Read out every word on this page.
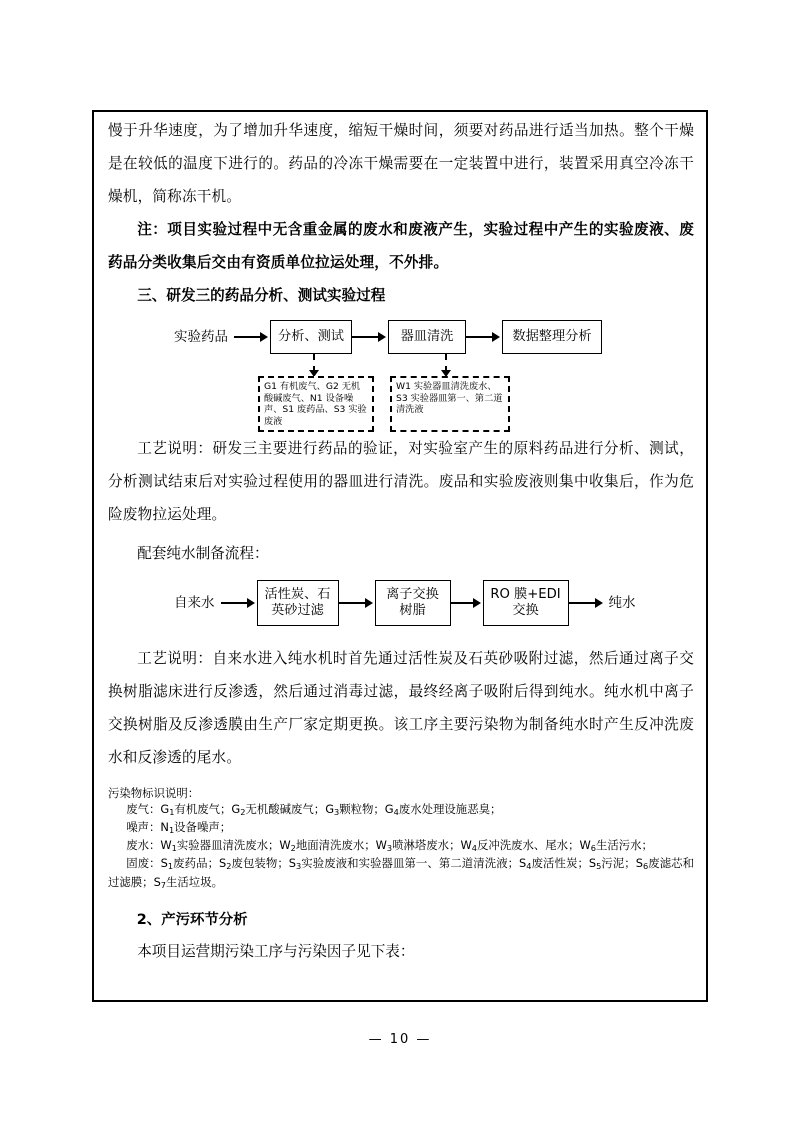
慢于升华速度，为了增加升华速度，缩短干燥时间，须要对药品进行适当加热。整个干燥是在较低的温度下进行的。药品的冷冻干燥需要在一定装置中进行，装置采用真空冷冻干燥机，简称冻干机。

注：项目实验过程中无含重金属的废水和废液产生，实验过程中产生的实验废液、废药品分类收集后交由有资质单位拉运处理，不外排。

三、研发三的药品分析、测试实验过程

实验药品	分析、测试	器皿清洗	数据整理分析
G1 有机废气、G2 无机酸碱废气、N1 设备噪声、S1 废药品、S3 实验废液
W1 实验器皿清洗废水、S3 实验器皿第一、第二道清洗液

工艺说明：研发三主要进行药品的验证，对实验室产生的原料药品进行分析、测试，分析测试结束后对实验过程使用的器皿进行清洗。废品和实验废液则集中收集后，作为危险废物拉运处理。

配套纯水制备流程：

自来水
活性炭、石
英砂过滤
离子交换
树脂
RO 膜+EDI
交换	纯水

工艺说明：自来水进入纯水机时首先通过活性炭及石英砂吸附过滤，然后通过离子交换树脂滤床进行反渗透，然后通过消毒过滤，最终经离子吸附后得到纯水。纯水机中离子交换树脂及反渗透膜由生产厂家定期更换。该工序主要污染物为制备纯水时产生反冲洗废水和反渗透的尾水。

污染物标识说明：

废气：$G_1$有机废气；$G_2$无机酸碱废气；$G_3$颗粒物；$G_4$废水处理设施恶臭；

噪声：$N_1$设备噪声；

废水：$W_1$实验器皿清洗废水；$W_2$地面清洗废水；$W_3$喷淋塔废水；$W_4$反冲洗废水、尾水；$W_6$生活污水；

固废：$S_1$废药品；$S_2$废包装物；$S_3$实验废液和实验器皿第一、第二道清洗液；$S_4$废活性炭；$S_5$污泥；$S_6$废滤芯和过滤膜；$S_7$生活垃圾。

2、产污环节分析

本项目运营期污染工序与污染因子见下表：

— 10 —
